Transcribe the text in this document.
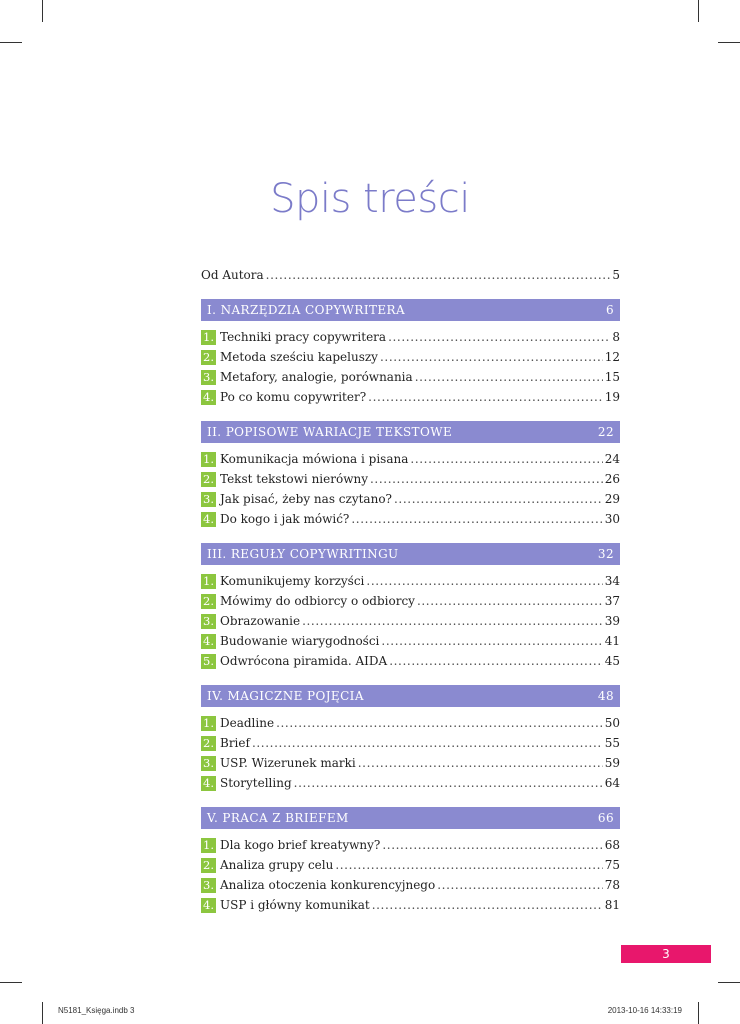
Spis treści
Od Autora . . .	5
I. NARZĘDZIA COPYWRITERA	6
1. Techniki pracy copywritera . . .	8
2. Metoda sześciu kapeluszy . . .	12
3. Metafory, analogie, porównania . . .	15
4. Po co komu copywriter? . . .	19
II. POPISOWE WARIACJE TEKSTOWE	22
1. Komunikacja mówiona i pisana . . .	24
2. Tekst tekstowi nierówny . . .	26
3. Jak pisać, żeby nas czytano? . . .	29
4. Do kogo i jak mówić? . . .	30
III. REGUŁY COPYWRITINGU	32
1. Komunikujemy korzyści . . .	34
2. Mówimy do odbiorcy o odbiorcy . . .	37
3. Obrazowanie . . .	39
4. Budowanie wiarygodności . . .	41
5. Odwrócona piramida. AIDA . . .	45
IV. MAGICZNE POJĘCIA	48
1. Deadline . . .	50
2. Brief . . .	55
3. USP. Wizerunek marki . . .	59
4. Storytelling . . .	64
V. PRACA Z BRIEFEM	66
1. Dla kogo brief kreatywny? . . .	68
2. Analiza grupy celu . . .	75
3. Analiza otoczenia konkurencyjnego . . .	78
4. USP i główny komunikat . . .	81
3
N5181_Księga.indb 3	2013-10-16 14:33:19
